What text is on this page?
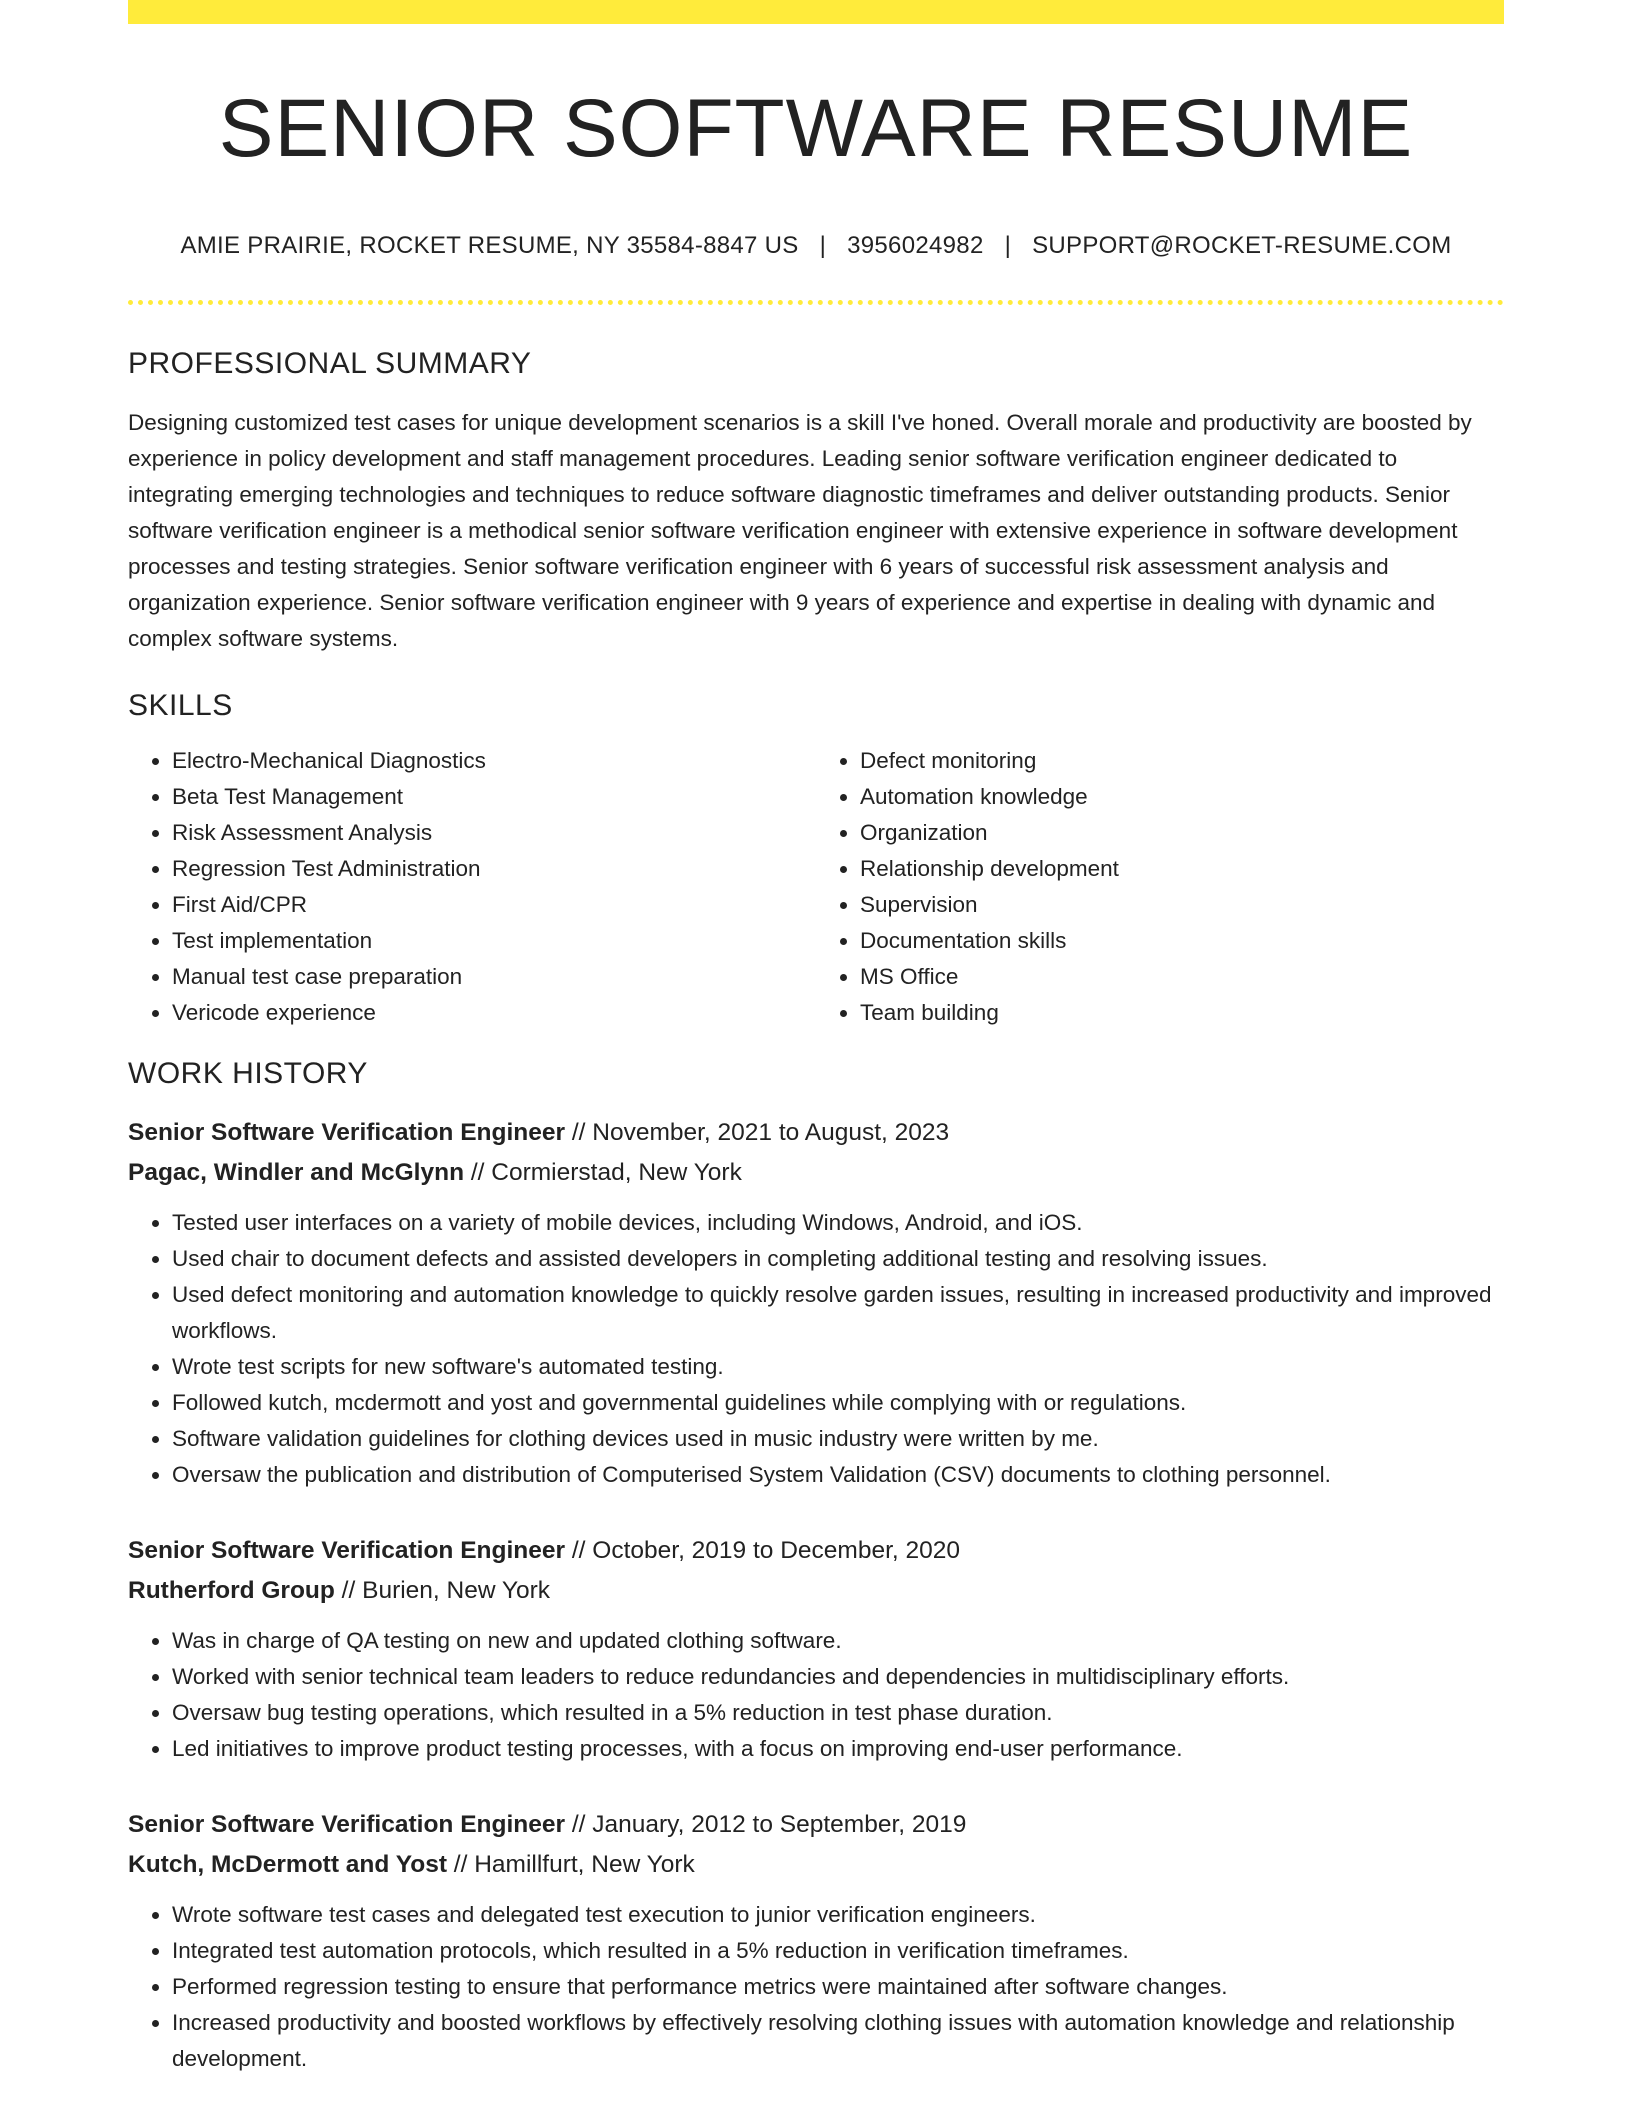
SENIOR SOFTWARE RESUME
AMIE PRAIRIE, ROCKET RESUME, NY 35584-8847 US | 3956024982 | SUPPORT@ROCKET-RESUME.COM
PROFESSIONAL SUMMARY

Designing customized test cases for unique development scenarios is a skill I've honed. Overall morale and productivity are boosted by experience in policy development and staff management procedures. Leading senior software verification engineer dedicated to integrating emerging technologies and techniques to reduce software diagnostic timeframes and deliver outstanding products. Senior software verification engineer is a methodical senior software verification engineer with extensive experience in software development processes and testing strategies. Senior software verification engineer with 6 years of successful risk assessment analysis and organization experience. Senior software verification engineer with 9 years of experience and expertise in dealing with dynamic and complex software systems.

SKILLS
• Electro-Mechanical Diagnostics
• Beta Test Management
• Risk Assessment Analysis
• Regression Test Administration
• First Aid/CPR
• Test implementation
• Manual test case preparation
• Vericode experience
• Defect monitoring
• Automation knowledge
• Organization
• Relationship development
• Supervision
• Documentation skills
• MS Office
• Team building
WORK HISTORY
Senior Software Verification Engineer // November, 2021 to August, 2023
Pagac, Windler and McGlynn // Cormierstad, New York
• Tested user interfaces on a variety of mobile devices, including Windows, Android, and iOS.
• Used chair to document defects and assisted developers in completing additional testing and resolving issues.
• Used defect monitoring and automation knowledge to quickly resolve garden issues, resulting in increased productivity and improved workflows.
• Wrote test scripts for new software's automated testing.
• Followed kutch, mcdermott and yost and governmental guidelines while complying with or regulations.
• Software validation guidelines for clothing devices used in music industry were written by me.
• Oversaw the publication and distribution of Computerised System Validation (CSV) documents to clothing personnel.
Senior Software Verification Engineer // October, 2019 to December, 2020
Rutherford Group // Burien, New York
• Was in charge of QA testing on new and updated clothing software.
• Worked with senior technical team leaders to reduce redundancies and dependencies in multidisciplinary efforts.
• Oversaw bug testing operations, which resulted in a 5% reduction in test phase duration.
• Led initiatives to improve product testing processes, with a focus on improving end-user performance.
Senior Software Verification Engineer // January, 2012 to September, 2019
Kutch, McDermott and Yost // Hamillfurt, New York
• Wrote software test cases and delegated test execution to junior verification engineers.
• Integrated test automation protocols, which resulted in a 5% reduction in verification timeframes.
• Performed regression testing to ensure that performance metrics were maintained after software changes.
• Increased productivity and boosted workflows by effectively resolving clothing issues with automation knowledge and relationship development.
